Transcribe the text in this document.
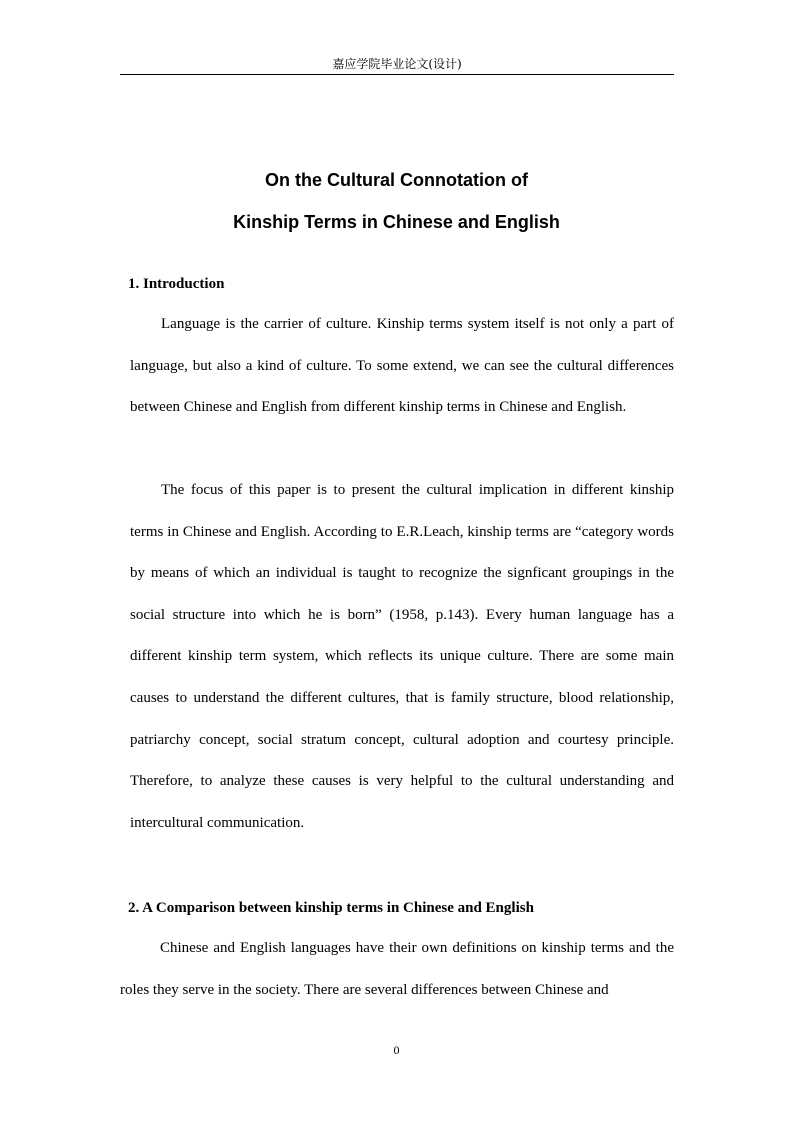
嘉应学院毕业论文(设计)
On the Cultural Connotation of
Kinship Terms in Chinese and English
1. Introduction

Language is the carrier of culture. Kinship terms system itself is not only a part of language, but also a kind of culture. To some extend, we can see the cultural differences between Chinese and English from different kinship terms in Chinese and English.

The focus of this paper is to present the cultural implication in different kinship terms in Chinese and English. According to E.R.Leach, kinship terms are “category words by means of which an individual is taught to recognize the signficant groupings in the social structure into which he is born” (1958, p.143). Every human language has a different kinship term system, which reflects its unique culture. There are some main causes to understand the different cultures, that is family structure, blood relationship, patriarchy concept, social stratum concept, cultural adoption and courtesy principle. Therefore, to analyze these causes is very helpful to the cultural understanding and intercultural communication.

2. A Comparison between kinship terms in Chinese and English

Chinese and English languages have their own definitions on kinship terms and the roles they serve in the society. There are several differences between Chinese and

0
